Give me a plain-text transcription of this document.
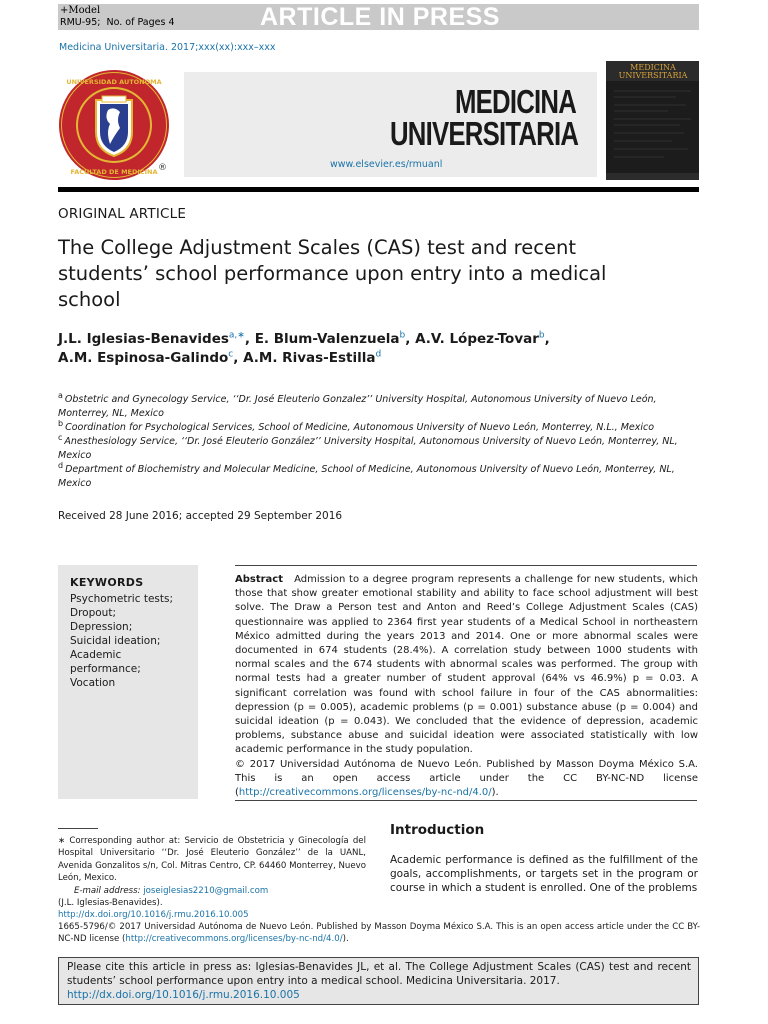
+Model
RMU-95; No. of Pages 4	ARTICLE IN PRESS
Medicina Universitaria. 2017;xxx(xx):xxx–xxx
UNIVERSIDAD AUTONOMA
FACULTAD DE MEDICINA ®
MEDICINA
UNIVERSITARIA
www.elsevier.es/rmuanl
MEDICINA UNIVERSITARIA
ORIGINAL ARTICLE
The College Adjustment Scales (CAS) test and recent students’ school performance upon entry into a medical school
J.L. Iglesias-Benavides$^{a,∗}$, E. Blum-Valenzuela$^b$, A.V. López-Tovar$^b$,
A.M. Espinosa-Galindo$^c$, A.M. Rivas-Estilla$^d$
$^a$ Obstetric and Gynecology Service, ‘‘Dr. José Eleuterio Gonzalez’’ University Hospital, Autonomous University of Nuevo León, Monterrey, NL, Mexico
$^b$ Coordination for Psychological Services, School of Medicine, Autonomous University of Nuevo León, Monterrey, N.L., Mexico
$^c$ Anesthesiology Service, ‘‘Dr. José Eleuterio González’’ University Hospital, Autonomous University of Nuevo León, Monterrey, NL, Mexico
$^d$ Department of Biochemistry and Molecular Medicine, School of Medicine, Autonomous University of Nuevo León, Monterrey, NL, Mexico
Received 28 June 2016; accepted 29 September 2016
KEYWORDS
Psychometric tests;
Dropout;
Depression;
Suicidal ideation;
Academic
performance;
Vocation
Abstract Admission to a degree program represents a challenge for new students, which those that show greater emotional stability and ability to face school adjustment will best solve. The Draw a Person test and Anton and Reed’s College Adjustment Scales (CAS) questionnaire was applied to 2364 first year students of a Medical School in northeastern México admitted during the years 2013 and 2014. One or more abnormal scales were documented in 674 students (28.4%). A correlation study between 1000 students with normal scales and the 674 students with abnormal scales was performed. The group with normal tests had a greater number of student approval (64% vs 46.9%) p = 0.03. A significant correlation was found with school failure in four of the CAS abnormalities: depression (p = 0.005), academic problems (p = 0.001) substance abuse (p = 0.004) and suicidal ideation (p = 0.043). We concluded that the evidence of depression, academic problems, substance abuse and suicidal ideation were associated statistically with low academic performance in the study population.
© 2017 Universidad Autónoma de Nuevo León. Published by Masson Doyma México S.A. This is an open access article under the CC BY-NC-ND license (http://creativecommons.org/licenses/by-nc-nd/4.0/).
∗ Corresponding author at: Servicio de Obstetricia y Ginecología del Hospital Universitario ‘‘Dr. José Eleuterio González’’ de la UANL, Avenida Gonzalitos s/n, Col. Mitras Centro, CP. 64460 Monterrey, Nuevo León, Mexico.
E-mail address: joseiglesias2210@gmail.com
(J.L. Iglesias-Benavides).
http://dx.doi.org/10.1016/j.rmu.2016.10.005
1665-5796/© 2017 Universidad Autónoma de Nuevo León. Published by Masson Doyma México S.A. This is an open access article under the CC BY-NC-ND license (http://creativecommons.org/licenses/by-nc-nd/4.0/).
Introduction
Academic performance is defined as the fulfillment of the goals, accomplishments, or targets set in the program or course in which a student is enrolled. One of the problems
Please cite this article in press as: Iglesias-Benavides JL, et al. The College Adjustment Scales (CAS) test and recent students’ school performance upon entry into a medical school. Medicina Universitaria. 2017.
http://dx.doi.org/10.1016/j.rmu.2016.10.005
